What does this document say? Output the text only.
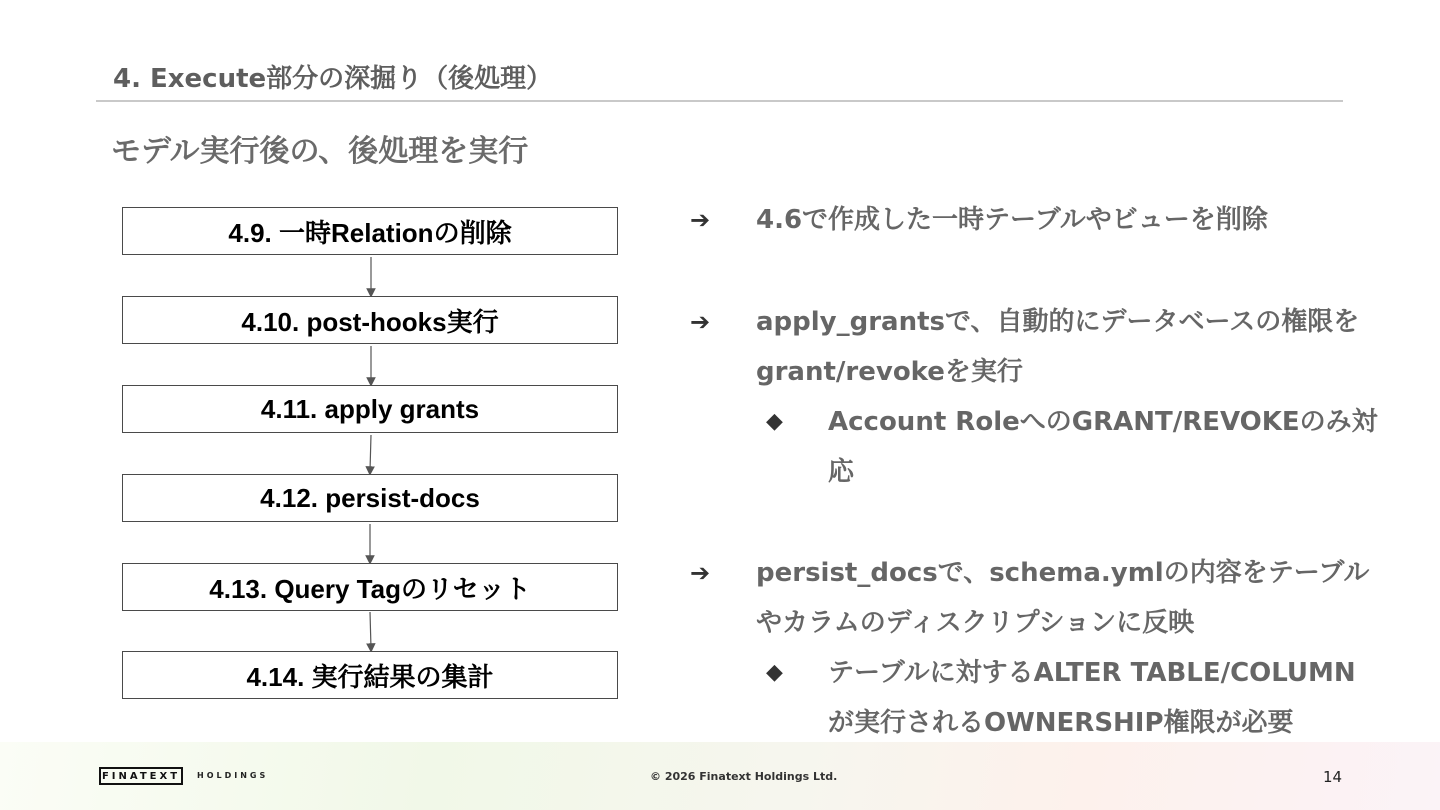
4. Execute部分の深掘り（後処理）
モデル実行後の、後処理を実行
4.9. 一時Relationの削除
4.10. post-hooks実行
4.11. apply grants
4.12. persist-docs
4.13. Query Tagのリセット
4.14. 実行結果の集計
➔	4.6で作成した一時テーブルやビューを削除
➔	apply_grantsで、自動的にデータベースの権限を
grant/revokeを実行
◆	Account RoleへのGRANT/REVOKEのみ対
応
➔	persist_docsで、schema.ymlの内容をテーブル
やカラムのディスクリプションに反映
◆	テーブルに対するALTER TABLE/COLUMN
が実行されるOWNERSHIP権限が必要
FINATEXT	HOLDINGS	© 2026 Finatext Holdings Ltd.	14
